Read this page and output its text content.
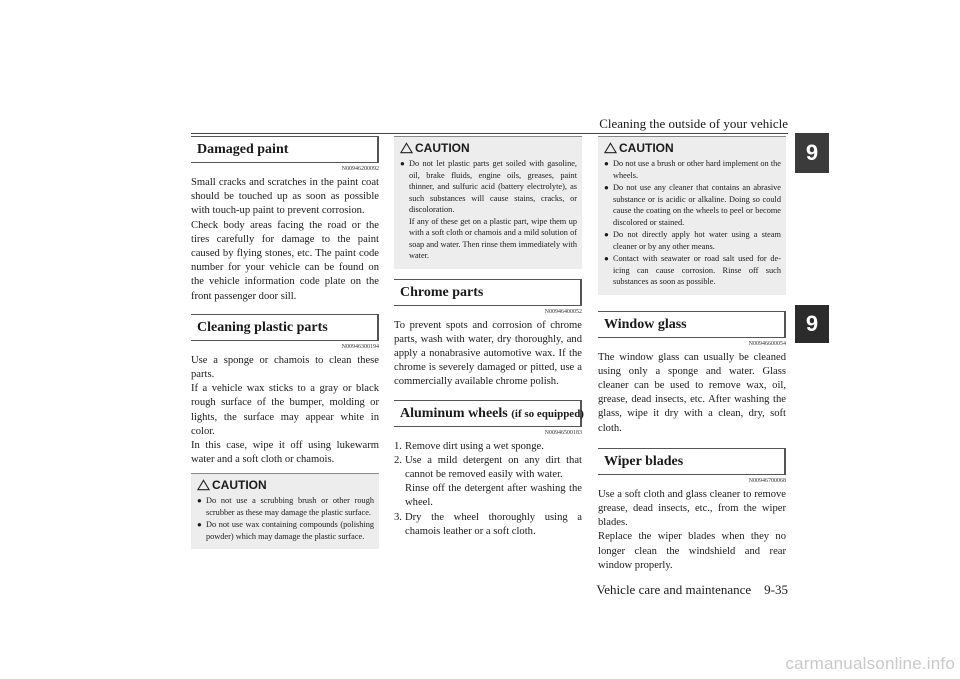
Cleaning the outside of your vehicle
9
9
Damaged paint
N00946200092

Small cracks and scratches in the paint coat should be touched up as soon as possible with touch-up paint to prevent corrosion.
Check body areas facing the road or the tires carefully for damage to the paint caused by flying stones, etc. The paint code number for your vehicle can be found on the vehicle information code plate on the front passenger door sill.

Cleaning plastic parts
N00946300194

Use a sponge or chamois to clean these parts.
If a vehicle wax sticks to a gray or black rough surface of the bumper, molding or lights, the surface may appear white in color.
In this case, wipe it off using lukewarm water and a soft cloth or chamois.

CAUTION
● Do not use a scrubbing brush or other rough scrubber as these may damage the plastic surface.
● Do not use wax containing compounds (polishing powder) which may damage the plastic surface.
CAUTION
● Do not let plastic parts get soiled with gasoline, oil, brake fluids, engine oils, greases, paint thinner, and sulfuric acid (battery electrolyte), as such substances will cause stains, cracks, or discoloration.
If any of these get on a plastic part, wipe them up with a soft cloth or chamois and a mild solution of soap and water. Then rinse them immediately with water.
Chrome parts
N00946400052

To prevent spots and corrosion of chrome parts, wash with water, dry thoroughly, and apply a nonabrasive automotive wax. If the chrome is severely damaged or pitted, use a commercially available chrome polish.

Aluminum wheels (if so equipped)
N00946500183
1. Remove dirt using a wet sponge.
2. Use a mild detergent on any dirt that cannot be removed easily with water.
Rinse off the detergent after washing the wheel.
3. Dry the wheel thoroughly using a chamois leather or a soft cloth.
CAUTION
● Do not use a brush or other hard implement on the wheels.
● Do not use any cleaner that contains an abrasive substance or is acidic or alkaline. Doing so could cause the coating on the wheels to peel or become discolored or stained.
● Do not directly apply hot water using a steam cleaner or by any other means.
● Contact with seawater or road salt used for de-icing can cause corrosion. Rinse off such substances as soon as possible.
Window glass
N00946600054

The window glass can usually be cleaned using only a sponge and water. Glass cleaner can be used to remove wax, oil, grease, dead insects, etc. After washing the glass, wipe it dry with a clean, dry, soft cloth.

Wiper blades
N00946700068

Use a soft cloth and glass cleaner to remove grease, dead insects, etc., from the wiper blades.
Replace the wiper blades when they no longer clean the windshield and rear window properly.

Vehicle care and maintenance    9-35
carmanualsonline.info
